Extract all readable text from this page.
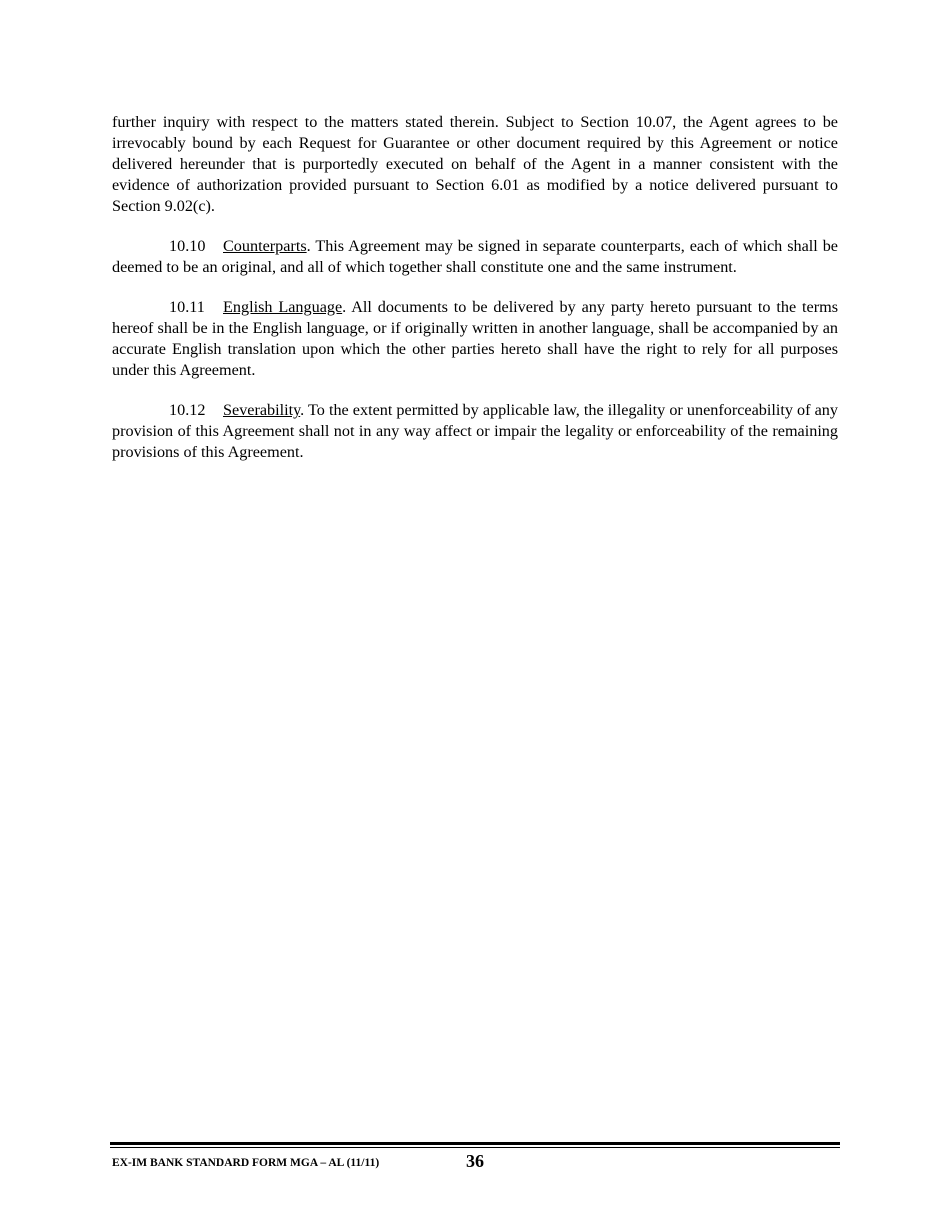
further inquiry with respect to the matters stated therein. Subject to Section 10.07, the Agent agrees to be irrevocably bound by each Request for Guarantee or other document required by this Agreement or notice delivered hereunder that is purportedly executed on behalf of the Agent in a manner consistent with the evidence of authorization provided pursuant to Section 6.01 as modified by a notice delivered pursuant to Section 9.02(c).

10.10 Counterparts. This Agreement may be signed in separate counterparts, each of which shall be deemed to be an original, and all of which together shall constitute one and the same instrument.

10.11 English Language. All documents to be delivered by any party hereto pursuant to the terms hereof shall be in the English language, or if originally written in another language, shall be accompanied by an accurate English translation upon which the other parties hereto shall have the right to rely for all purposes under this Agreement.

10.12 Severability. To the extent permitted by applicable law, the illegality or unenforceability of any provision of this Agreement shall not in any way affect or impair the legality or enforceability of the remaining provisions of this Agreement.

EX-IM BANK STANDARD FORM MGA – AL (11/11)	36
